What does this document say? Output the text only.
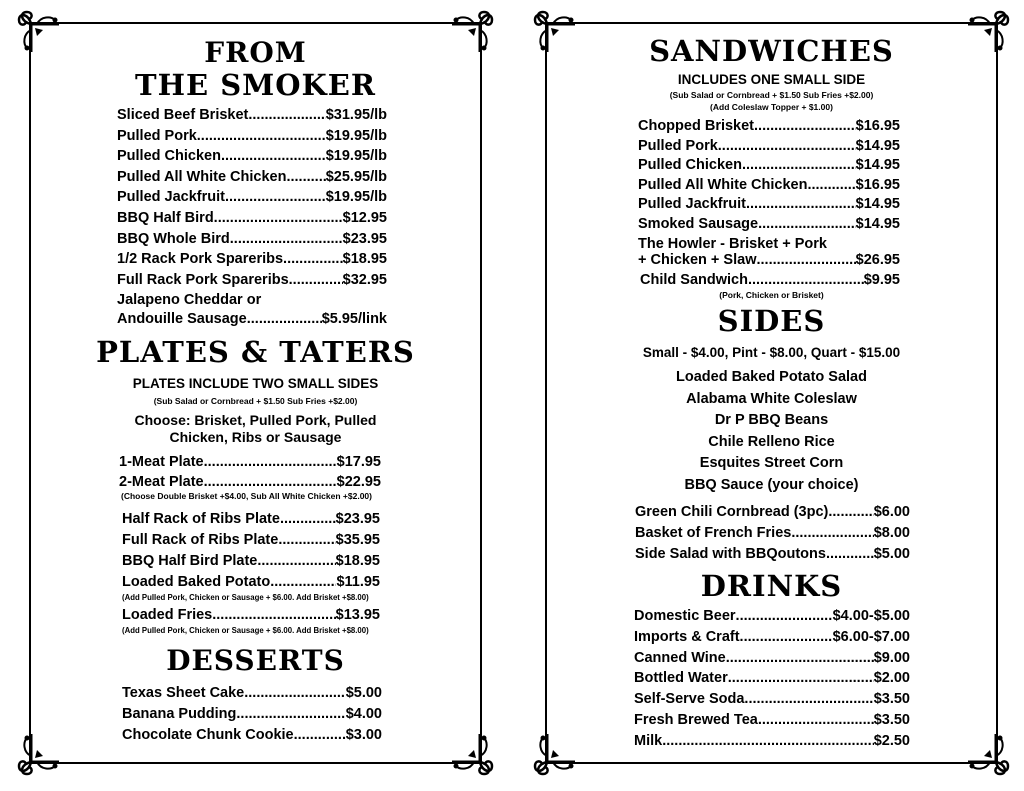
FROM
THE SMOKER
Sliced Beef Brisket .....	$31.95/lb
Pulled Pork .....	$19.95/lb
Pulled Chicken .....	$19.95/lb
Pulled All White Chicken .....	$25.95/lb
Pulled Jackfruit .....	$19.95/lb
BBQ Half Bird .....	$12.95
BBQ Whole Bird .....	$23.95
1/2 Rack Pork Spareribs .....	$18.95
Full Rack Pork Spareribs .....	$32.95
Jalapeno Cheddar or
Andouille Sausage .....	$5.95/link
PLATES & TATERS
PLATES INCLUDE TWO SMALL SIDES
(Sub Salad or Cornbread + $1.50 Sub Fries +$2.00)
Choose: Brisket, Pulled Pork, Pulled
Chicken, Ribs or Sausage
1-Meat Plate .....	$17.95
2-Meat Plate .....	$22.95
(Choose Double Brisket +$4.00, Sub All White Chicken +$2.00)
Half Rack of Ribs Plate .....	$23.95
Full Rack of Ribs Plate .....	$35.95
BBQ Half Bird Plate .....	$18.95
Loaded Baked Potato .....	$11.95
(Add Pulled Pork, Chicken or Sausage + $6.00. Add Brisket +$8.00)
Loaded Fries .....	$13.95
(Add Pulled Pork, Chicken or Sausage + $6.00. Add Brisket +$8.00)
DESSERTS
Texas Sheet Cake .....	$5.00
Banana Pudding .....	$4.00
Chocolate Chunk Cookie .....	$3.00
SANDWICHES
INCLUDES ONE SMALL SIDE
(Sub Salad or Cornbread + $1.50 Sub Fries +$2.00)
(Add Coleslaw Topper + $1.00)
Chopped Brisket .....	$16.95
Pulled Pork .....	$14.95
Pulled Chicken .....	$14.95
Pulled All White Chicken .....	$16.95
Pulled Jackfruit .....	$14.95
Smoked Sausage .....	$14.95
The Howler - Brisket + Pork
+ Chicken + Slaw .....	$26.95
Child Sandwich .....	$9.95
(Pork, Chicken or Brisket)
SIDES
Small - $4.00, Pint - $8.00, Quart - $15.00
Loaded Baked Potato Salad
Alabama White Coleslaw
Dr P BBQ Beans
Chile Relleno Rice
Esquites Street Corn
BBQ Sauce (your choice)
Green Chili Cornbread (3pc) .....	$6.00
Basket of French Fries .....	$8.00
Side Salad with BBQoutons .....	$5.00
DRINKS
Domestic Beer .....	$4.00-$5.00
Imports & Craft .....	$6.00-$7.00
Canned Wine .....	$9.00
Bottled Water .....	$2.00
Self-Serve Soda .....	$3.50
Fresh Brewed Tea .....	$3.50
Milk .....	$2.50
